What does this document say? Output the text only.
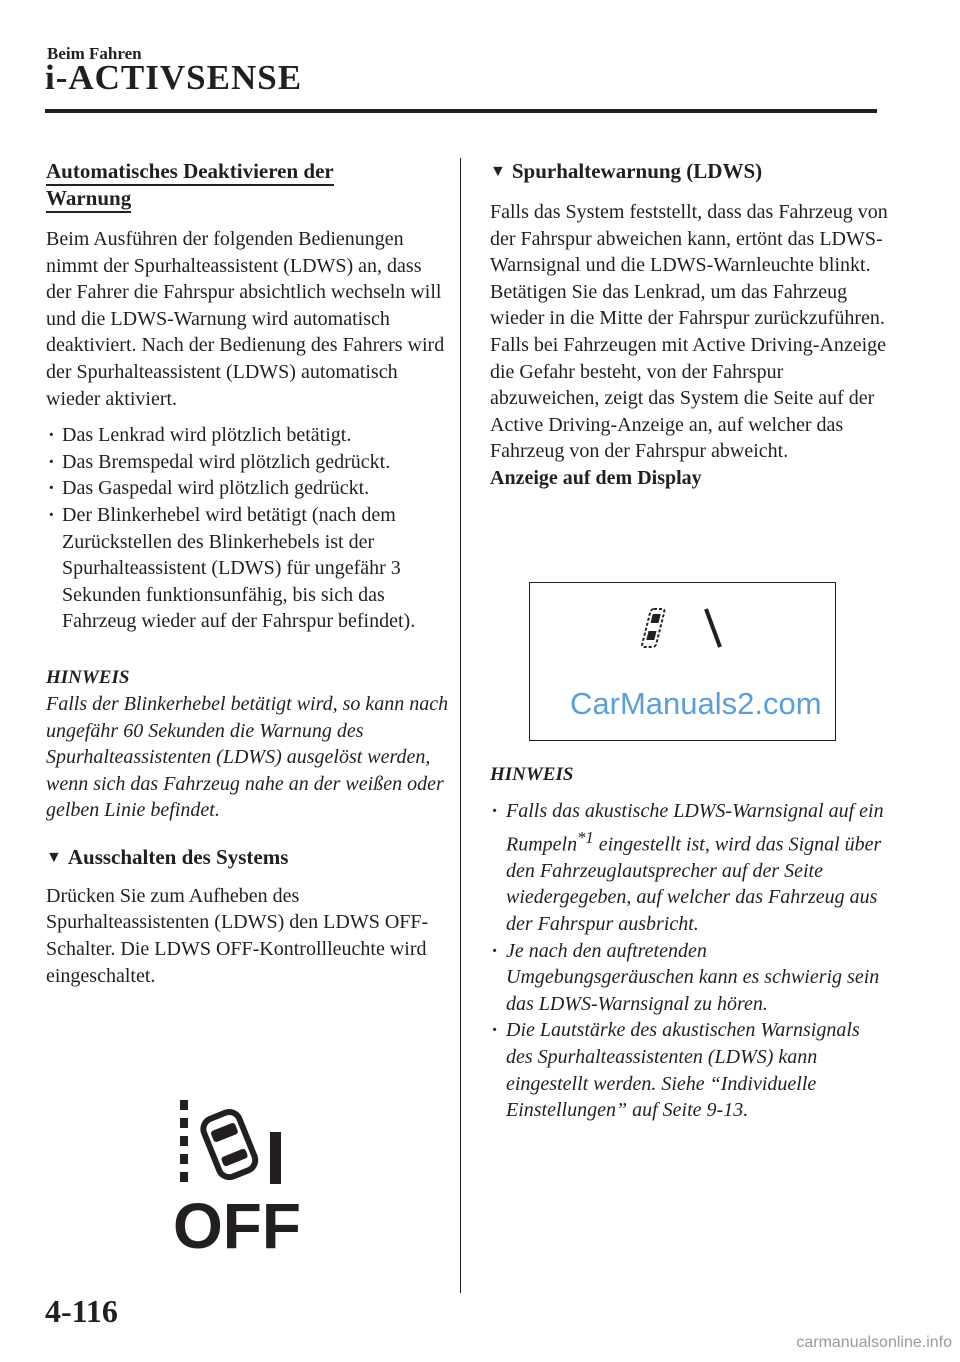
Beim Fahren
i-ACTIVSENSE
Automatisches Deaktivieren der
Warnung

Beim Ausführen der folgenden Bedienungen nimmt der Spurhalteassistent (LDWS) an, dass der Fahrer die Fahrspur absichtlich wechseln will und die LDWS-Warnung wird automatisch deaktiviert. Nach der Bedienung des Fahrers wird der Spurhalteassistent (LDWS) automatisch wieder aktiviert.

· Das Lenkrad wird plötzlich betätigt.
· Das Bremspedal wird plötzlich gedrückt.
· Das Gaspedal wird plötzlich gedrückt.
· Der Blinkerhebel wird betätigt (nach dem Zurückstellen des Blinkerhebels ist der Spurhalteassistent (LDWS) für ungefähr 3 Sekunden funktionsunfähig, bis sich das Fahrzeug wieder auf der Fahrspur befindet).
HINWEIS

Falls der Blinkerhebel betätigt wird, so kann nach ungefähr 60 Sekunden die Warnung des Spurhalteassistenten (LDWS) ausgelöst werden, wenn sich das Fahrzeug nahe an der weißen oder gelben Linie befindet.

▼ Ausschalten des Systems

Drücken Sie zum Aufheben des Spurhalteassistenten (LDWS) den LDWS OFF-Schalter. Die LDWS OFF-Kontrollleuchte wird eingeschaltet.

OFF

▼ Spurhaltewarnung (LDWS)

Falls das System feststellt, dass das Fahrzeug von der Fahrspur abweichen kann, ertönt das LDWS-Warnsignal und die LDWS-Warnleuchte blinkt. Betätigen Sie das Lenkrad, um das Fahrzeug wieder in die Mitte der Fahrspur zurückzuführen. Falls bei Fahrzeugen mit Active Driving-Anzeige die Gefahr besteht, von der Fahrspur abzuweichen, zeigt das System die Seite auf der Active Driving-Anzeige an, auf welcher das Fahrzeug von der Fahrspur abweicht.

Anzeige auf dem Display
CarManuals2.com
HINWEIS
· Falls das akustische LDWS-Warnsignal auf ein Rumpeln$^{*1}$ eingestellt ist, wird das Signal über den Fahrzeuglautsprecher auf der Seite wiedergegeben, auf welcher das Fahrzeug aus der Fahrspur ausbricht.
· Je nach den auftretenden Umgebungsgeräuschen kann es schwierig sein das LDWS-Warnsignal zu hören.
· Die Lautstärke des akustischen Warnsignals des Spurhalteassistenten (LDWS) kann eingestellt werden. Siehe “Individuelle Einstellungen” auf Seite 9-13.
4-116
carmanualsonline.info
